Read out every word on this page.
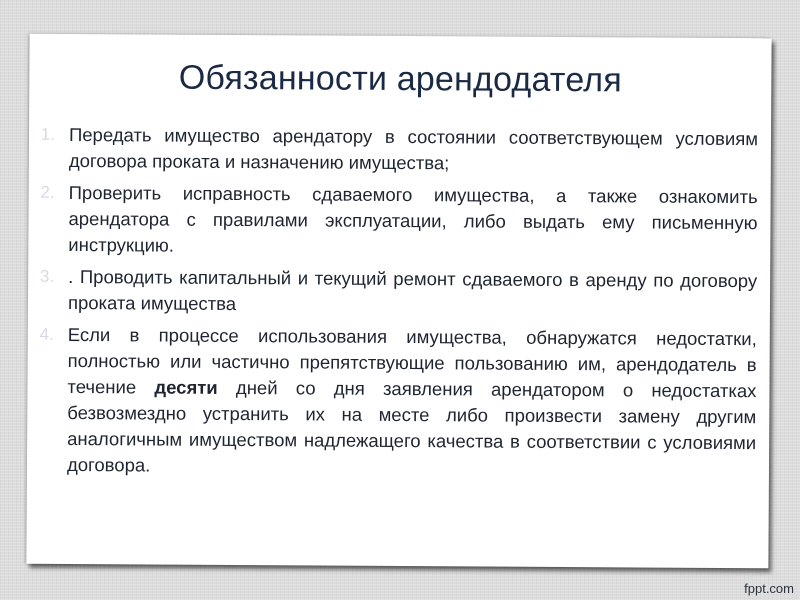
Обязанности арендодателя
1. Передать имущество арендатору в состоянии соответствующем условиям договора проката и назначению имущества;
2. Проверить исправность сдаваемого имущества, а также ознакомить арендатора с правилами эксплуатации, либо выдать ему письменную инструкцию.
3. . Проводить капитальный и текущий ремонт сдаваемого в аренду по договору проката имущества
4. Если в процессе использования имущества, обнаружатся недостатки, полностью или частично препятствующие пользованию им, арендодатель в течение десяти дней со дня заявления арендатором о недостатках безвозмездно устранить их на месте либо произвести замену другим аналогичным имуществом надлежащего качества в соответствии с условиями договора.
fppt.com
